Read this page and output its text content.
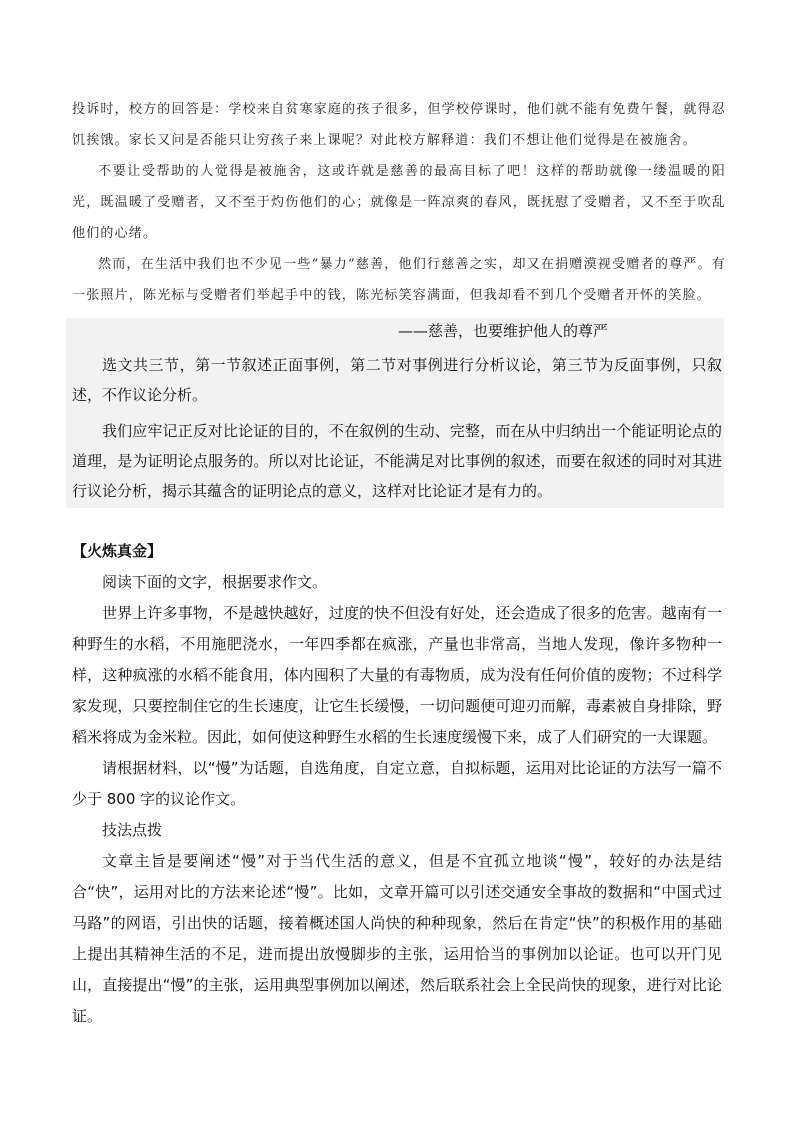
投诉时，校方的回答是：学校来自贫寒家庭的孩子很多，但学校停课时，他们就不能有免费午餐，就得忍饥挨饿。家长又问是否能只让穷孩子来上课呢？对此校方解释道：我们不想让他们觉得是在被施舍。

不要让受帮助的人觉得是被施舍，这或许就是慈善的最高目标了吧！这样的帮助就像一缕温暖的阳光，既温暖了受赠者，又不至于灼伤他们的心；就像是一阵凉爽的春风，既抚慰了受赠者，又不至于吹乱他们的心绪。

然而，在生活中我们也不少见一些“暴力”慈善，他们行慈善之实，却又在捐赠漠视受赠者的尊严。有一张照片，陈光标与受赠者们举起手中的钱，陈光标笑容满面，但我却看不到几个受赠者开怀的笑脸。

——慈善，也要维护他人的尊严

选文共三节，第一节叙述正面事例，第二节对事例进行分析议论，第三节为反面事例，只叙述，不作议论分析。

我们应牢记正反对比论证的目的，不在叙例的生动、完整，而在从中归纳出一个能证明论点的道理，是为证明论点服务的。所以对比论证，不能满足对比事例的叙述，而要在叙述的同时对其进行议论分析，揭示其蕴含的证明论点的意义，这样对比论证才是有力的。

【火炼真金】

阅读下面的文字，根据要求作文。

世界上许多事物，不是越快越好，过度的快不但没有好处，还会造成了很多的危害。越南有一种野生的水稻，不用施肥浇水，一年四季都在疯涨，产量也非常高，当地人发现，像许多物种一样，这种疯涨的水稻不能食用，体内囤积了大量的有毒物质，成为没有任何价值的废物；不过科学家发现，只要控制住它的生长速度，让它生长缓慢，一切问题便可迎刃而解，毒素被自身排除，野稻米将成为金米粒。因此，如何使这种野生水稻的生长速度缓慢下来，成了人们研究的一大课题。

请根据材料，以“慢”为话题，自选角度，自定立意，自拟标题，运用对比论证的方法写一篇不少于 800 字的议论作文。

技法点拨

文章主旨是要阐述“慢”对于当代生活的意义，但是不宜孤立地谈“慢”，较好的办法是结合“快”，运用对比的方法来论述“慢”。比如，文章开篇可以引述交通安全事故的数据和“中国式过马路”的网语，引出快的话题，接着概述国人尚快的种种现象，然后在肯定“快”的积极作用的基础上提出其精神生活的不足，进而提出放慢脚步的主张，运用恰当的事例加以论证。也可以开门见山，直接提出“慢”的主张，运用典型事例加以阐述，然后联系社会上全民尚快的现象，进行对比论证。
